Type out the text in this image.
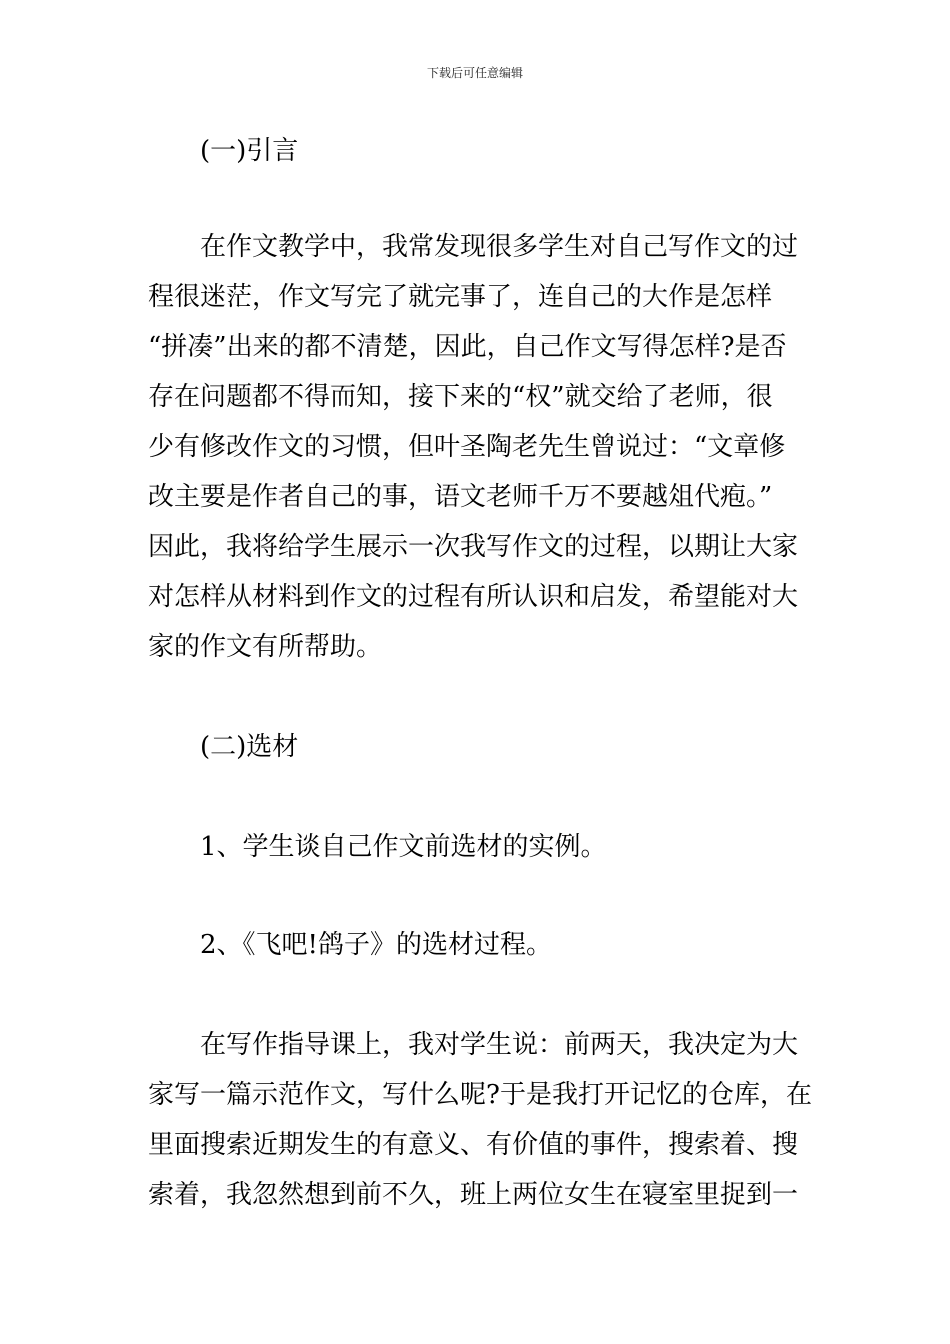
下载后可任意编辑
(一)引言
在作文教学中，我常发现很多学生对自己写作文的过
程很迷茫，作文写完了就完事了，连自己的大作是怎样
“拼凑”出来的都不清楚，因此，自己作文写得怎样?是否
存在问题都不得而知，接下来的“权”就交给了老师，很
少有修改作文的习惯，但叶圣陶老先生曾说过：“文章修
改主要是作者自己的事，语文老师千万不要越俎代疱。”
因此，我将给学生展示一次我写作文的过程，以期让大家
对怎样从材料到作文的过程有所认识和启发，希望能对大
家的作文有所帮助。
(二)选材
1、学生谈自己作文前选材的实例。
2、《飞吧!鸽子》的选材过程。
在写作指导课上，我对学生说：前两天，我决定为大
家写一篇示范作文，写什么呢?于是我打开记忆的仓库，在
里面搜索近期发生的有意义、有价值的事件，搜索着、搜
索着，我忽然想到前不久，班上两位女生在寝室里捉到一
